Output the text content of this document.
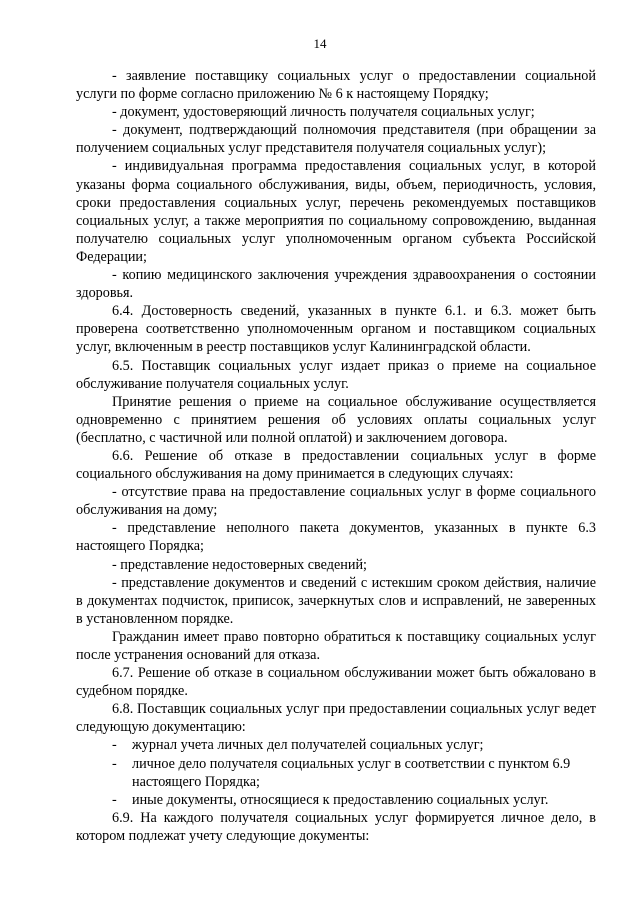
14

- заявление поставщику социальных услуг о предоставлении социальной услуги по форме согласно приложению № 6 к настоящему Порядку;

- документ, удостоверяющий личность получателя социальных услуг;

- документ, подтверждающий полномочия представителя (при обращении за получением социальных услуг представителя получателя социальных услуг);

- индивидуальная программа предоставления социальных услуг, в которой указаны форма социального обслуживания, виды, объем, периодичность, условия, сроки предоставления социальных услуг, перечень рекомендуемых поставщиков социальных услуг, а также мероприятия по социальному сопровождению, выданная получателю социальных услуг уполномоченным органом субъекта Российской Федерации;

- копию медицинского заключения учреждения здравоохранения о состоянии здоровья.

6.4. Достоверность сведений, указанных в пункте 6.1. и 6.3. может быть проверена соответственно уполномоченным органом и поставщиком социальных услуг, включенным в реестр поставщиков услуг Калининградской области.

6.5. Поставщик социальных услуг издает приказ о приеме на социальное обслуживание получателя социальных услуг.

Принятие решения о приеме на социальное обслуживание осуществляется одновременно с принятием решения об условиях оплаты социальных услуг (бесплатно, с частичной или полной оплатой) и заключением договора.

6.6. Решение об отказе в предоставлении социальных услуг в форме социального обслуживания на дому принимается в следующих случаях:

- отсутствие права на предоставление социальных услуг в форме социального обслуживания на дому;

- представление неполного пакета документов, указанных в пункте 6.3 настоящего Порядка;

- представление недостоверных сведений;

- представление документов и сведений с истекшим сроком действия, наличие в документах подчисток, приписок, зачеркнутых слов и исправлений, не заверенных в установленном порядке.

Гражданин имеет право повторно обратиться к поставщику социальных услуг после устранения оснований для отказа.

6.7. Решение об отказе в социальном обслуживании может быть обжаловано в судебном порядке.

6.8. Поставщик социальных услуг при предоставлении социальных услуг ведет следующую документацию:

-	журнал учета личных дел получателей социальных услуг;
-	личное дело получателя социальных услуг в соответствии с пунктом 6.9 настоящего Порядка;
-	иные документы, относящиеся к предоставлению социальных услуг.

6.9. На каждого получателя социальных услуг формируется личное дело, в котором подлежат учету следующие документы:
